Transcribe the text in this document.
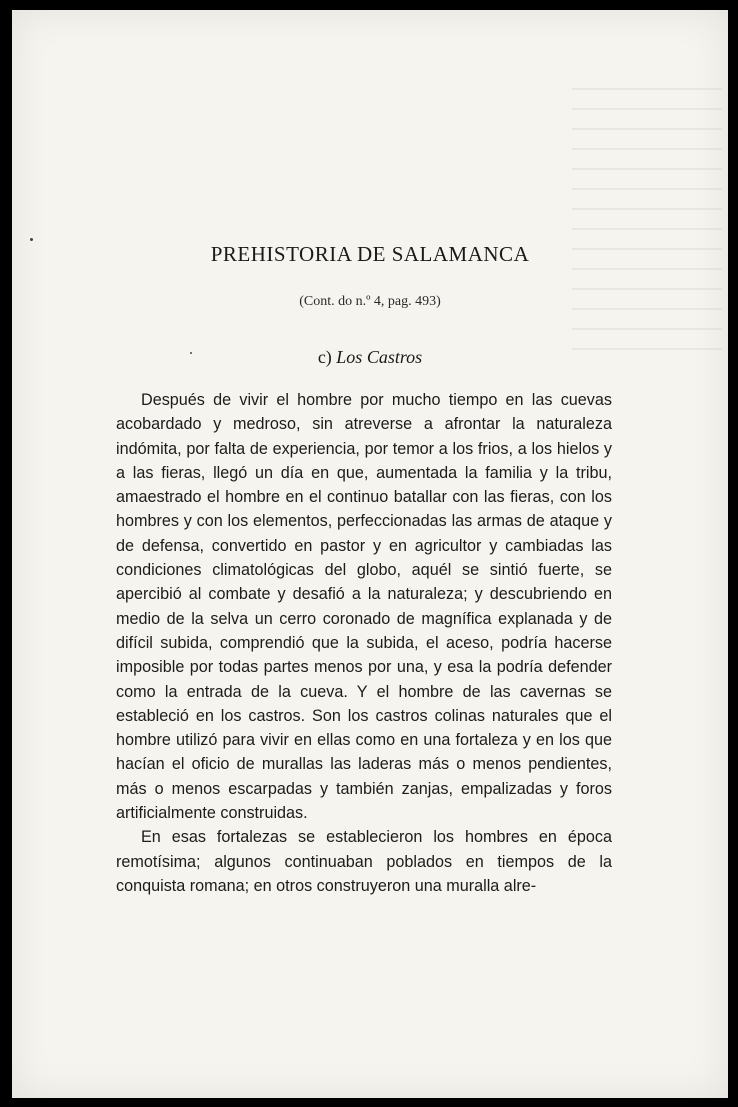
PREHISTORIA DE SALAMANCA
(Cont. do n.º 4, pag. 493)
c) Los Castros

Después de vivir el hombre por mucho tiempo en las cuevas acobardado y medroso, sin atreverse a afrontar la naturaleza indómita, por falta de experiencia, por temor a los frios, a los hielos y a las fieras, llegó un día en que, aumentada la familia y la tribu, amaestrado el hombre en el continuo batallar con las fieras, con los hombres y con los elementos, perfeccionadas las armas de ataque y de defensa, convertido en pastor y en agricultor y cambiadas las condiciones climatológicas del globo, aquél se sintió fuerte, se apercibió al combate y desafió a la naturaleza; y descubriendo en medio de la selva un cerro coronado de magnífica explanada y de difícil subida, comprendió que la subida, el aceso, podría hacerse imposible por todas partes menos por una, y esa la podría defender como la entrada de la cueva. Y el hombre de las cavernas se estableció en los castros. Son los castros colinas naturales que el hombre utilizó para vivir en ellas como en una fortaleza y en los que hacían el oficio de murallas las laderas más o menos pendientes, más o menos escarpadas y también zanjas, empalizadas y foros artificialmente construidas.

En esas fortalezas se establecieron los hombres en época remotísima; algunos continuaban poblados en tiempos de la conquista romana; en otros construyeron una muralla alre-
